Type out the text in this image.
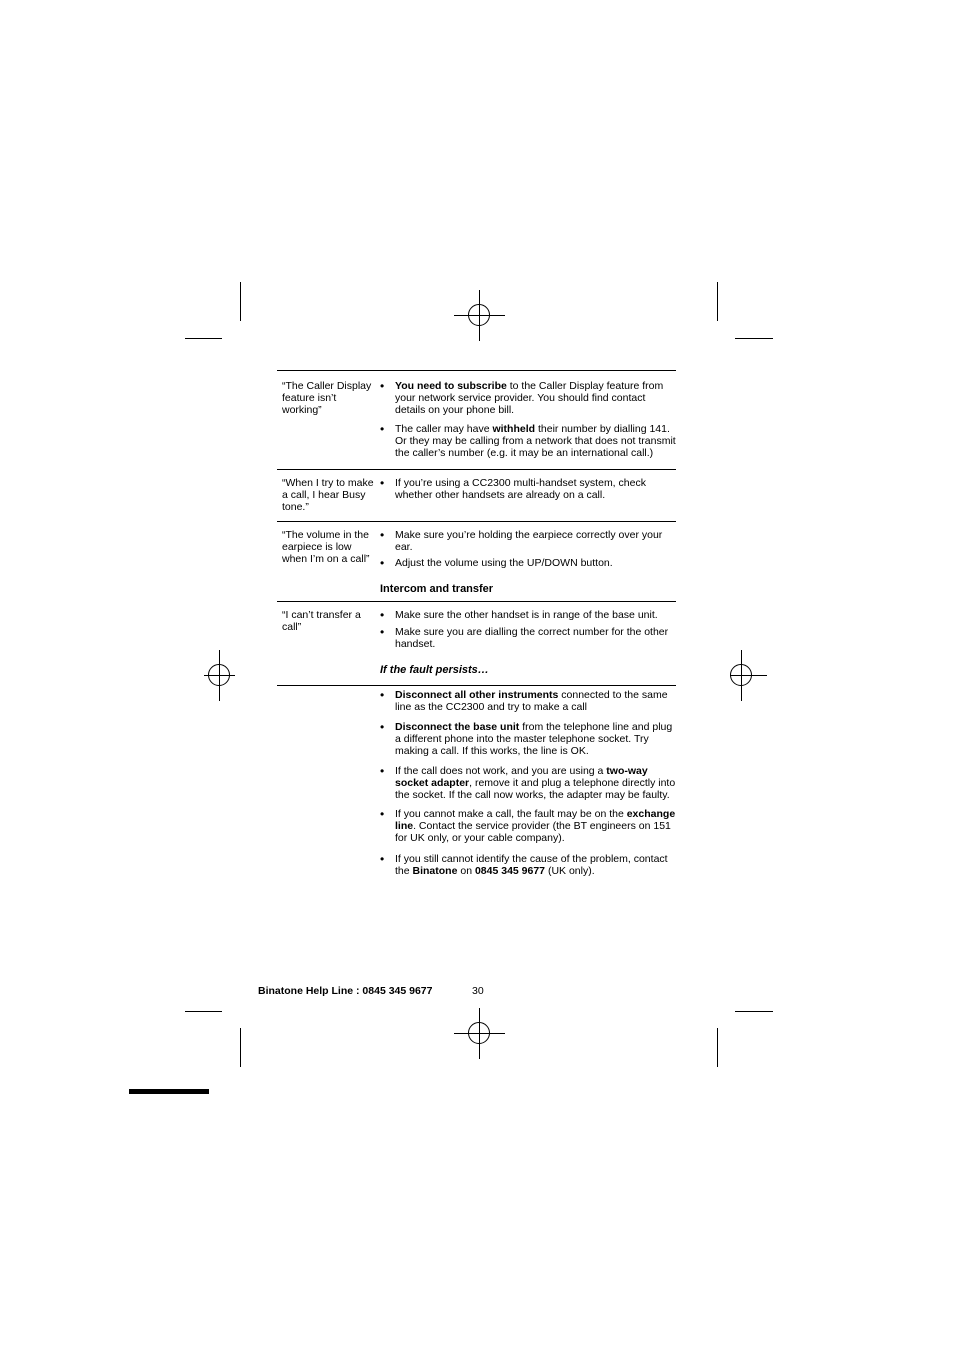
“The Caller Display feature isn’t working”
• You need to subscribe to the Caller Display feature from your network service provider. You should find contact details on your phone bill.
• The caller may have withheld their number by dialling 141. Or they may be calling from a network that does not transmit the caller’s number (e.g. it may be an international call.)
“When I try to make a call, I hear Busy tone.”
• If you’re using a CC2300 multi-handset system, check whether other handsets are already on a call.
“The volume in the earpiece is low when I’m on a call”
• Make sure you’re holding the earpiece correctly over your ear.
• Adjust the volume using the UP/DOWN button.
Intercom and transfer
“I can’t transfer a call”
• Make sure the other handset is in range of the base unit.
• Make sure you are dialling the correct number for the other handset.
If the fault persists…
• Disconnect all other instruments connected to the same line as the CC2300 and try to make a call
• Disconnect the base unit from the telephone line and plug a different phone into the master telephone socket. Try making a call. If this works, the line is OK.
• If the call does not work, and you are using a two-way socket adapter, remove it and plug a telephone directly into the socket. If the call now works, the adapter may be faulty.
• If you cannot make a call, the fault may be on the exchange line. Contact the service provider (the BT engineers on 151 for UK only, or your cable company).
• If you still cannot identify the cause of the problem, contact the Binatone on 0845 345 9677 (UK only).
Binatone Help Line : 0845 345 9677	30
